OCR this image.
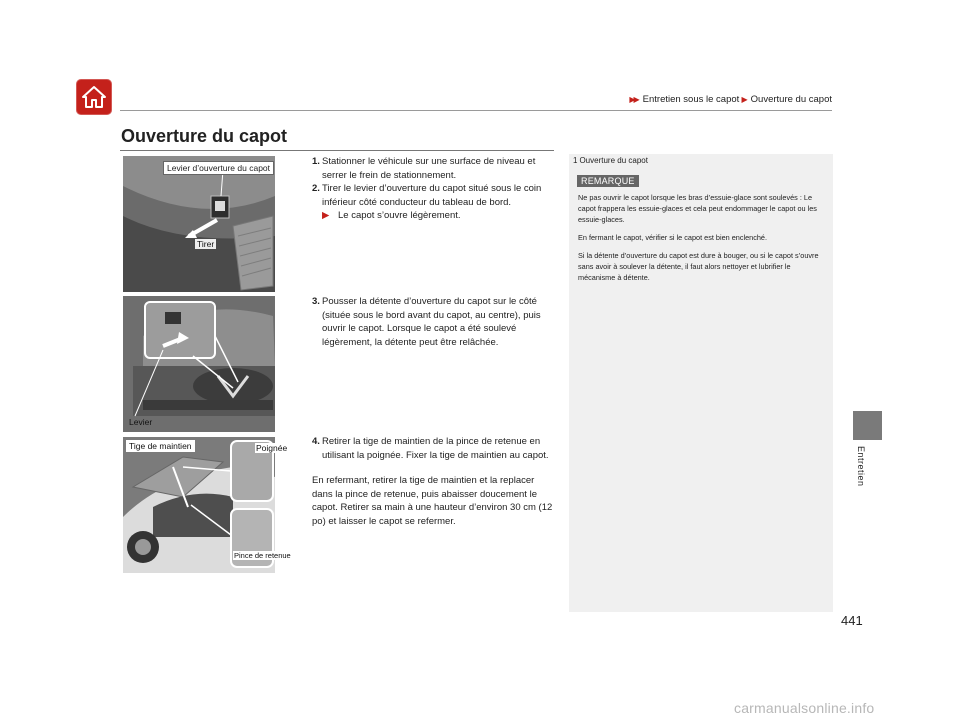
▶▶ Entretien sous le capot ▶ Ouverture du capot
Ouverture du capot
Levier d’ouverture du capot
Tirer
Levier
Tige de maintien	Poignée
Pince de retenue
1. Stationner le véhicule sur une surface de niveau et serrer le frein de stationnement.
2. Tirer le levier d’ouverture du capot situé sous le coin inférieur côté conducteur du tableau de bord.
▶ Le capot s’ouvre légèrement.
3. Pousser la détente d’ouverture du capot sur le côté (située sous le bord avant du capot, au centre), puis ouvrir le capot. Lorsque le capot a été soulevé légèrement, la détente peut être relâchée.
4. Retirer la tige de maintien de la pince de retenue en utilisant la poignée. Fixer la tige de maintien au capot.
En refermant, retirer la tige de maintien et la replacer dans la pince de retenue, puis abaisser doucement le capot. Retirer sa main à une hauteur d’environ 30 cm (12 po) et laisser le capot se refermer.
1 Ouverture du capot
REMARQUE

Ne pas ouvrir le capot lorsque les bras d’essuie-glace sont soulevés : Le capot frappera les essuie-glaces et cela peut endommager le capot ou les essuie-glaces.

En fermant le capot, vérifier si le capot est bien enclenché.

Si la détente d’ouverture du capot est dure à bouger, ou si le capot s’ouvre sans avoir à soulever la détente, il faut alors nettoyer et lubrifier le mécanisme à détente.

Entretien
441
carmanualsonline.info
